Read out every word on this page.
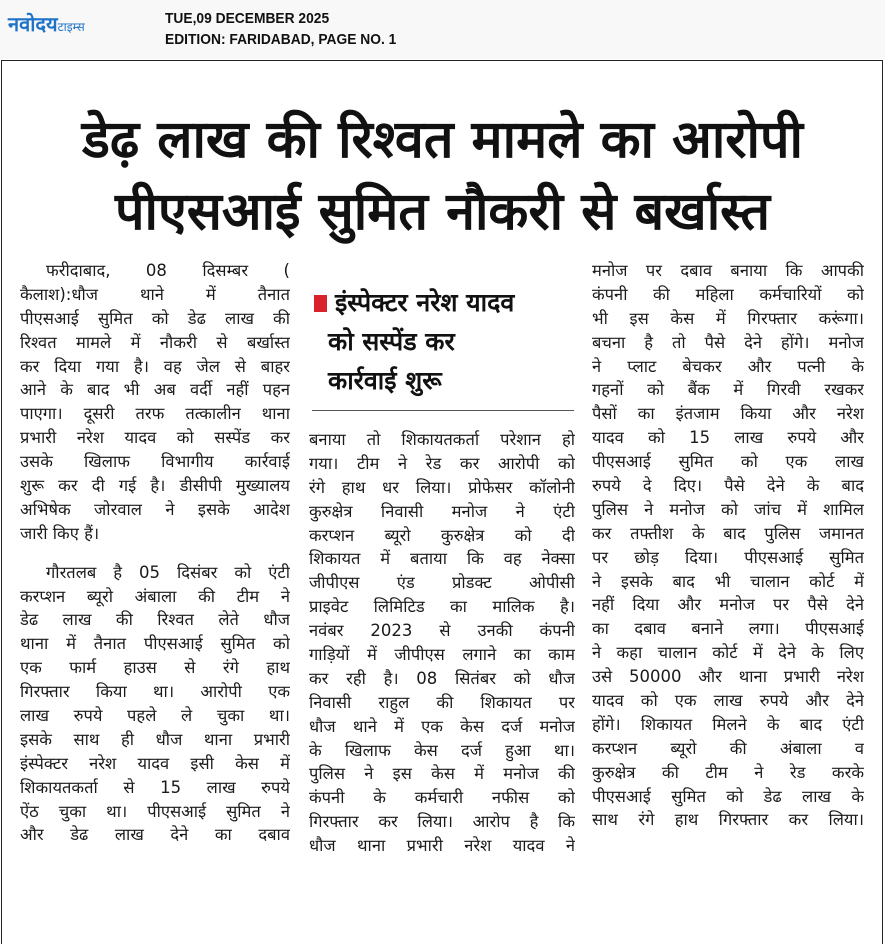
नवोदयटाइम्स	TUE,09 DECEMBER 2025
EDITION: FARIDABAD, PAGE NO. 1
डेढ़ लाख की रिश्वत मामले का आरोपी
पीएसआई सुमित नौकरी से बर्खास्त
इंस्पेक्टर नरेश यादव
को सस्पेंड कर
कार्रवाई शुरू
फरीदाबाद, 08 दिसम्बर (
कैलाश):धौज थाने में तैनात
पीएसआई सुमित को डेढ लाख की
रिश्वत मामले में नौकरी से बर्खास्त
कर दिया गया है। वह जेल से बाहर
आने के बाद भी अब वर्दी नहीं पहन
पाएगा। दूसरी तरफ तत्कालीन थाना
प्रभारी नरेश यादव को सस्पेंड कर
उसके खिलाफ विभागीय कार्रवाई
शुरू कर दी गई है। डीसीपी मुख्यालय
अभिषेक जोरवाल ने इसके आदेश
जारी किए हैं।
गौरतलब है 05 दिसंबर को एंटी
करप्शन ब्यूरो अंबाला की टीम ने
डेढ लाख की रिश्वत लेते धौज
थाना में तैनात पीएसआई सुमित को
एक फार्म हाउस से रंगे हाथ
गिरफ्तार किया था। आरोपी एक
लाख रुपये पहले ले चुका था।
इसके साथ ही धौज थाना प्रभारी
इंस्पेक्टर नरेश यादव इसी केस में
शिकायतकर्ता से 15 लाख रुपये
ऐंठ चुका था। पीएसआई सुमित ने
और डेढ लाख देने का दबाव
बनाया तो शिकायतकर्ता परेशान हो
गया। टीम ने रेड कर आरोपी को
रंगे हाथ धर लिया। प्रोफेसर कॉलोनी
कुरुक्षेत्र निवासी मनोज ने एंटी
करप्शन ब्यूरो कुरुक्षेत्र को दी
शिकायत में बताया कि वह नेक्सा
जीपीएस एंड प्रोडक्ट ओपीसी
प्राइवेट लिमिटिड का मालिक है।
नवंबर 2023 से उनकी कंपनी
गाड़ियों में जीपीएस लगाने का काम
कर रही है। 08 सितंबर को धौज
निवासी राहुल की शिकायत पर
धौज थाने में एक केस दर्ज मनोज
के खिलाफ केस दर्ज हुआ था।
पुलिस ने इस केस में मनोज की
कंपनी के कर्मचारी नफीस को
गिरफ्तार कर लिया। आरोप है कि
धौज थाना प्रभारी नरेश यादव ने
मनोज पर दबाव बनाया कि आपकी
कंपनी की महिला कर्मचारियों को
भी इस केस में गिरफ्तार करूंगा।
बचना है तो पैसे देने होंगे। मनोज
ने प्लाट बेचकर और पत्नी के
गहनों को बैंक में गिरवी रखकर
पैसों का इंतजाम किया और नरेश
यादव को 15 लाख रुपये और
पीएसआई सुमित को एक लाख
रुपये दे दिए। पैसे देने के बाद
पुलिस ने मनोज को जांच में शामिल
कर तफ्तीश के बाद पुलिस जमानत
पर छोड़ दिया। पीएसआई सुमित
ने इसके बाद भी चालान कोर्ट में
नहीं दिया और मनोज पर पैसे देने
का दबाव बनाने लगा। पीएसआई
ने कहा चालान कोर्ट में देने के लिए
उसे 50000 और थाना प्रभारी नरेश
यादव को एक लाख रुपये और देने
होंगे। शिकायत मिलने के बाद एंटी
करप्शन ब्यूरो की अंबाला व
कुरुक्षेत्र की टीम ने रेड करके
पीएसआई सुमित को डेढ लाख के
साथ रंगे हाथ गिरफ्तार कर लिया।
